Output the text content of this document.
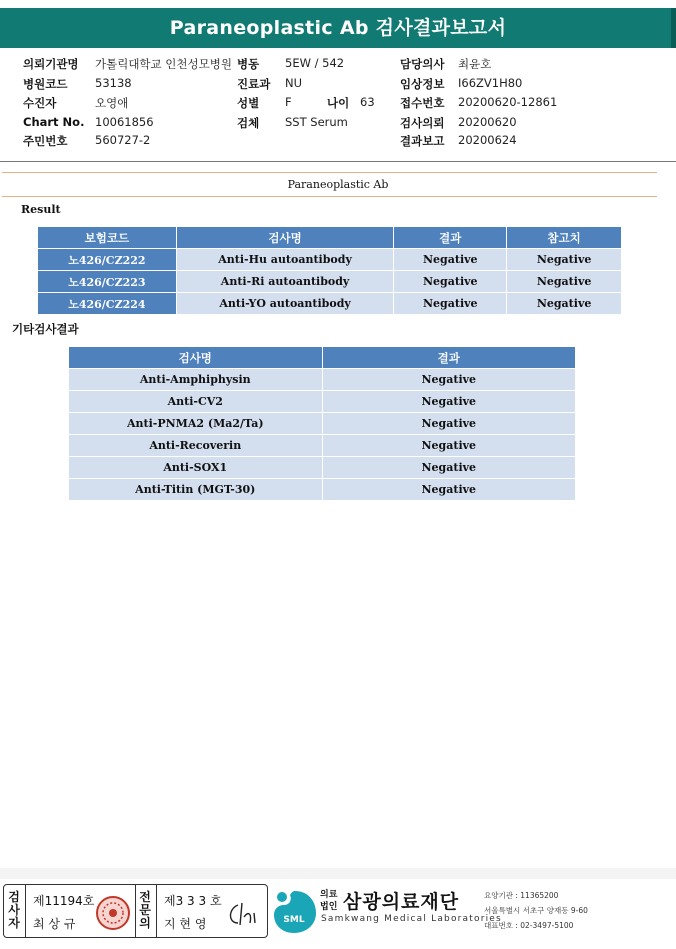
Paraneoplastic Ab 검사결과보고서
의뢰기관명 가톨릭대학교 인천성모병원 병동 5EW / 542	담당의사 최윤호
병원코드 53138	진료과 NU	임상정보 I66ZV1H80
수진자	오영애	성별 F	나이 63 접수번호 20200620-12861
Chart No. 10061856	검체 SST Serum	검사의뢰 20200620
주민번호 560727-2	결과보고 20200624
Paraneoplastic Ab
Result
보험코드	검사명	결과	참고치
노426/CZ222	Anti-Hu autoantibody	Negative	Negative
노426/CZ223	Anti-Ri autoantibody	Negative	Negative
노426/CZ224	Anti-YO autoantibody	Negative	Negative
기타검사결과
검사명	결과
Anti-Amphiphysin	Negative
Anti-CV2	Negative
Anti-PNMA2 (Ma2/Ta)	Negative
Anti-Recoverin	Negative
Anti-SOX1	Negative
Anti-Titin (MGT-30)	Negative
검
사
자
제11194호
최 상 규
전
문
의
제3 3 3 호
지 현 영	SML
의료
법인 삼광의료재단
Samkwang Medical Laboratories
요양기관 : 11365200
서울특별시 서초구 양재동 9-60
대표번호 : 02-3497-5100
